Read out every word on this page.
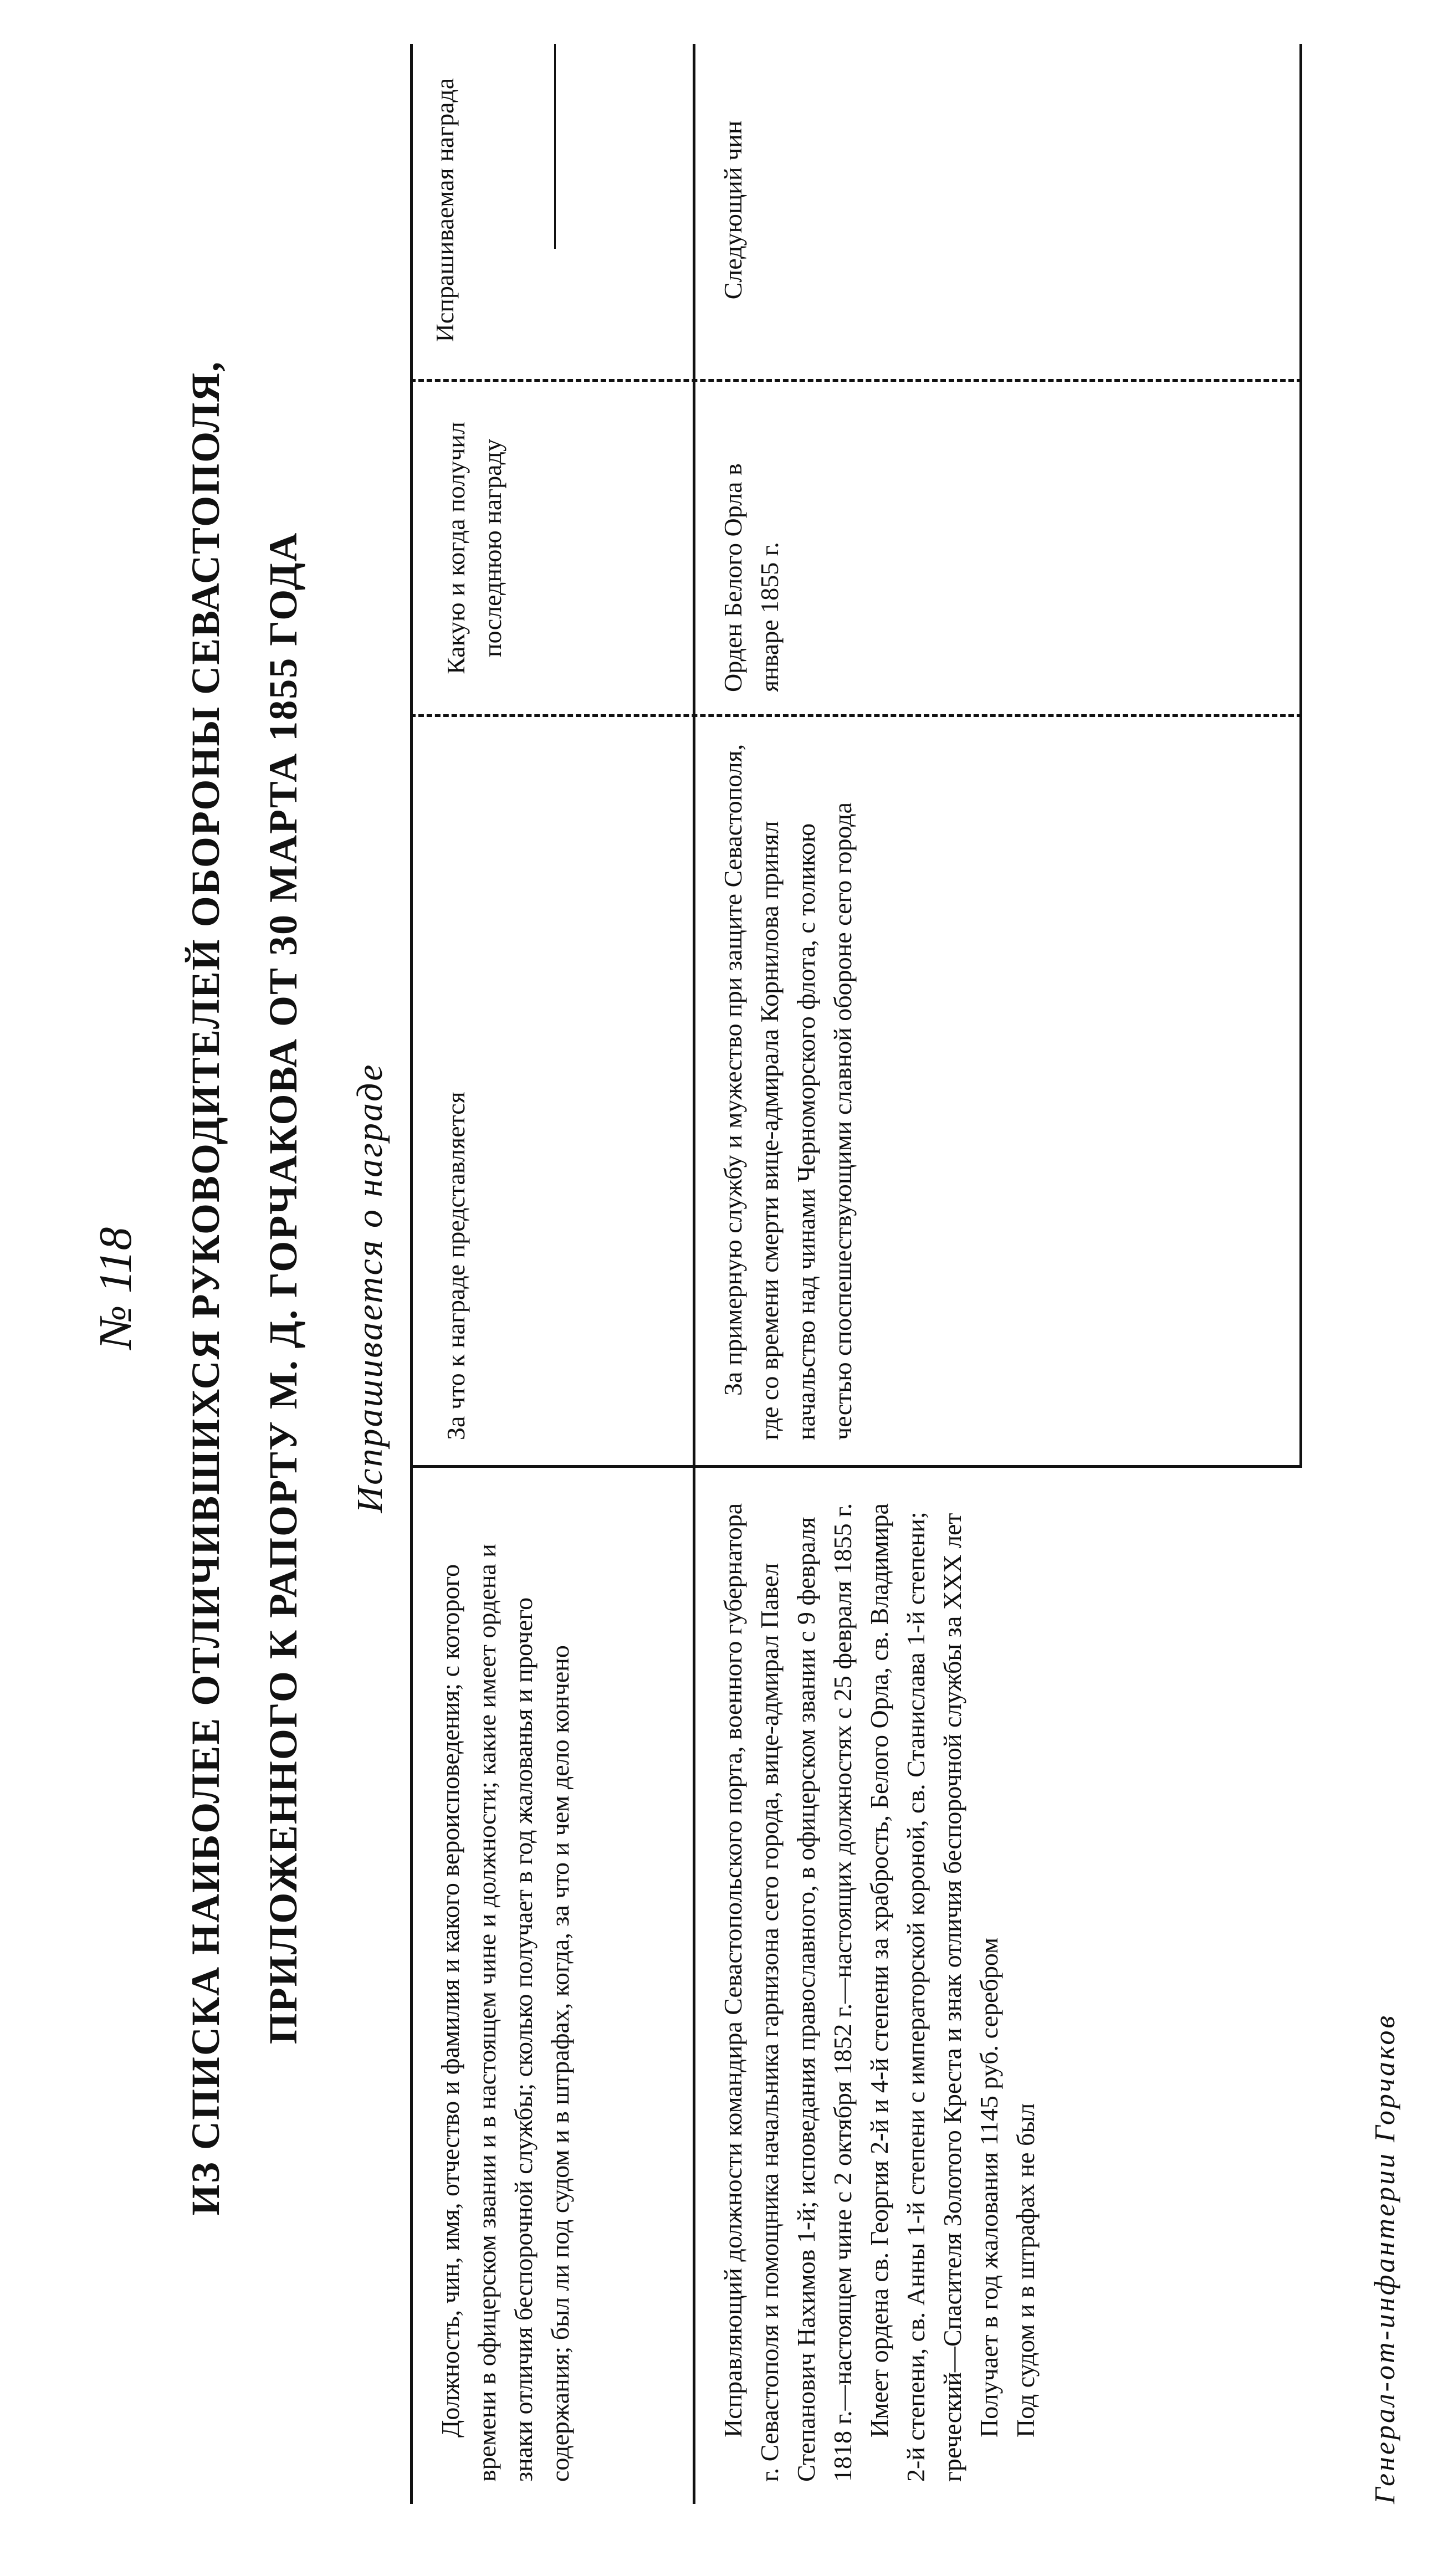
№ 118 ИЗ СПИСКА НАИБОЛЕЕ ОТЛИЧИВШИХСЯ РУКОВОДИТЕЛЕЙ ОБОРОНЫ СЕВАСТОПОЛЯ, ПРИЛОЖЕННОГО К РАПОРТУ М. Д. ГОРЧАКОВА ОТ 30 МАРТА 1855 ГОДА Испрашивается о награде
Должность, чин, имя, отчество и фамилия и какого вероисповедения; с которого времени в офицерском звании и в настоящем чине и должности; какие имеет ордена и знаки отличия беспорочной службы; сколько получает в год жалованья и прочего содержания; был ли под судом и в штрафах, когда, за что и чем дело кончено
За что к награде представляется
Какую и когда получил последнюю награду
Испрашиваемая награда	Следующий чин

Исправляющий должности командира Севастопольского порта, военного губернатора г. Севастополя и помощника начальника гарнизона сего города, вице-адмирал Павел Степанович Нахимов 1-й; исповедания православного, в офицерском звании с 9 февраля 1818 г.—настоящем чине с 2 октября 1852 г.—настоящих должностях с 25 февраля 1855 г. Имеет ордена св. Георгия 2-й и 4-й степени за храбрость, Белого Орла, св. Владимира 2-й степени, св. Анны 1-й степени с императорской короной, св. Станислава 1-й степени; греческий—Спасителя Золотого Креста и знак отличия беспорочной службы за XXX лет Получает в год жалования 1145 руб. серебром Под судом и в штрафах не был

За примерную службу и мужество при защите Севастополя, где со времени смерти вице-адмирала Корнилова принял начальство над чинами Черноморского флота, с толикою честью споспешествующими славной обороне сего города
Орден Белого Орла в январе 1855 г.
Генерал-от-инфантерии Горчаков
